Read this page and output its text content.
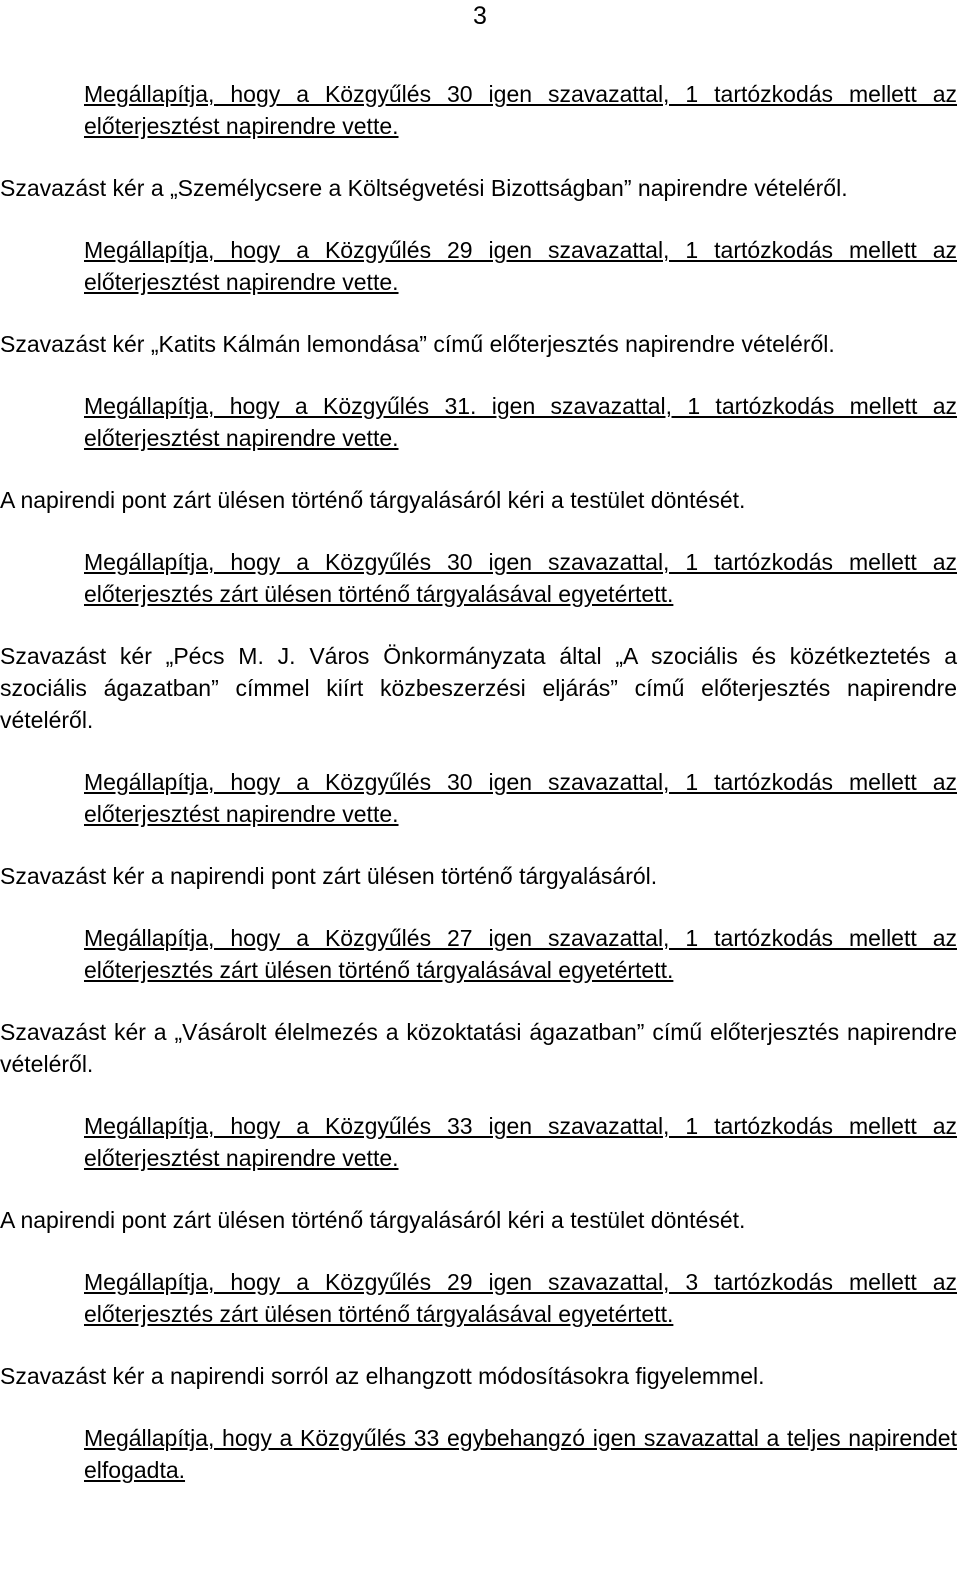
3

Megállapítja, hogy a Közgyűlés 30 igen szavazattal, 1 tartózkodás mellett az előterjesztést napirendre vette.

Szavazást kér a „Személycsere a Költségvetési Bizottságban” napirendre vételéről.

Megállapítja, hogy a Közgyűlés 29 igen szavazattal, 1 tartózkodás mellett az előterjesztést napirendre vette.

Szavazást kér „Katits Kálmán lemondása” című előterjesztés napirendre vételéről.

Megállapítja, hogy a Közgyűlés 31. igen szavazattal, 1 tartózkodás mellett az előterjesztést napirendre vette.

A napirendi pont zárt ülésen történő tárgyalásáról kéri a testület döntését.

Megállapítja, hogy a Közgyűlés 30 igen szavazattal, 1 tartózkodás mellett az előterjesztés zárt ülésen történő tárgyalásával egyetértett.

Szavazást kér „Pécs M. J. Város Önkormányzata által „A szociális és közétkeztetés a szociális ágazatban” címmel kiírt közbeszerzési eljárás” című előterjesztés napirendre vételéről.

Megállapítja, hogy a Közgyűlés 30 igen szavazattal, 1 tartózkodás mellett az előterjesztést napirendre vette.

Szavazást kér a napirendi pont zárt ülésen történő tárgyalásáról.

Megállapítja, hogy a Közgyűlés 27 igen szavazattal, 1 tartózkodás mellett az előterjesztés zárt ülésen történő tárgyalásával egyetértett.

Szavazást kér a „Vásárolt élelmezés a közoktatási ágazatban” című előterjesztés napirendre vételéről.

Megállapítja, hogy a Közgyűlés 33 igen szavazattal, 1 tartózkodás mellett az előterjesztést napirendre vette.

A napirendi pont zárt ülésen történő tárgyalásáról kéri a testület döntését.

Megállapítja, hogy a Közgyűlés 29 igen szavazattal, 3 tartózkodás mellett az előterjesztés zárt ülésen történő tárgyalásával egyetértett.

Szavazást kér a napirendi sorról az elhangzott módosításokra figyelemmel.

Megállapítja, hogy a Közgyűlés 33 egybehangzó igen szavazattal a teljes napirendet elfogadta.
